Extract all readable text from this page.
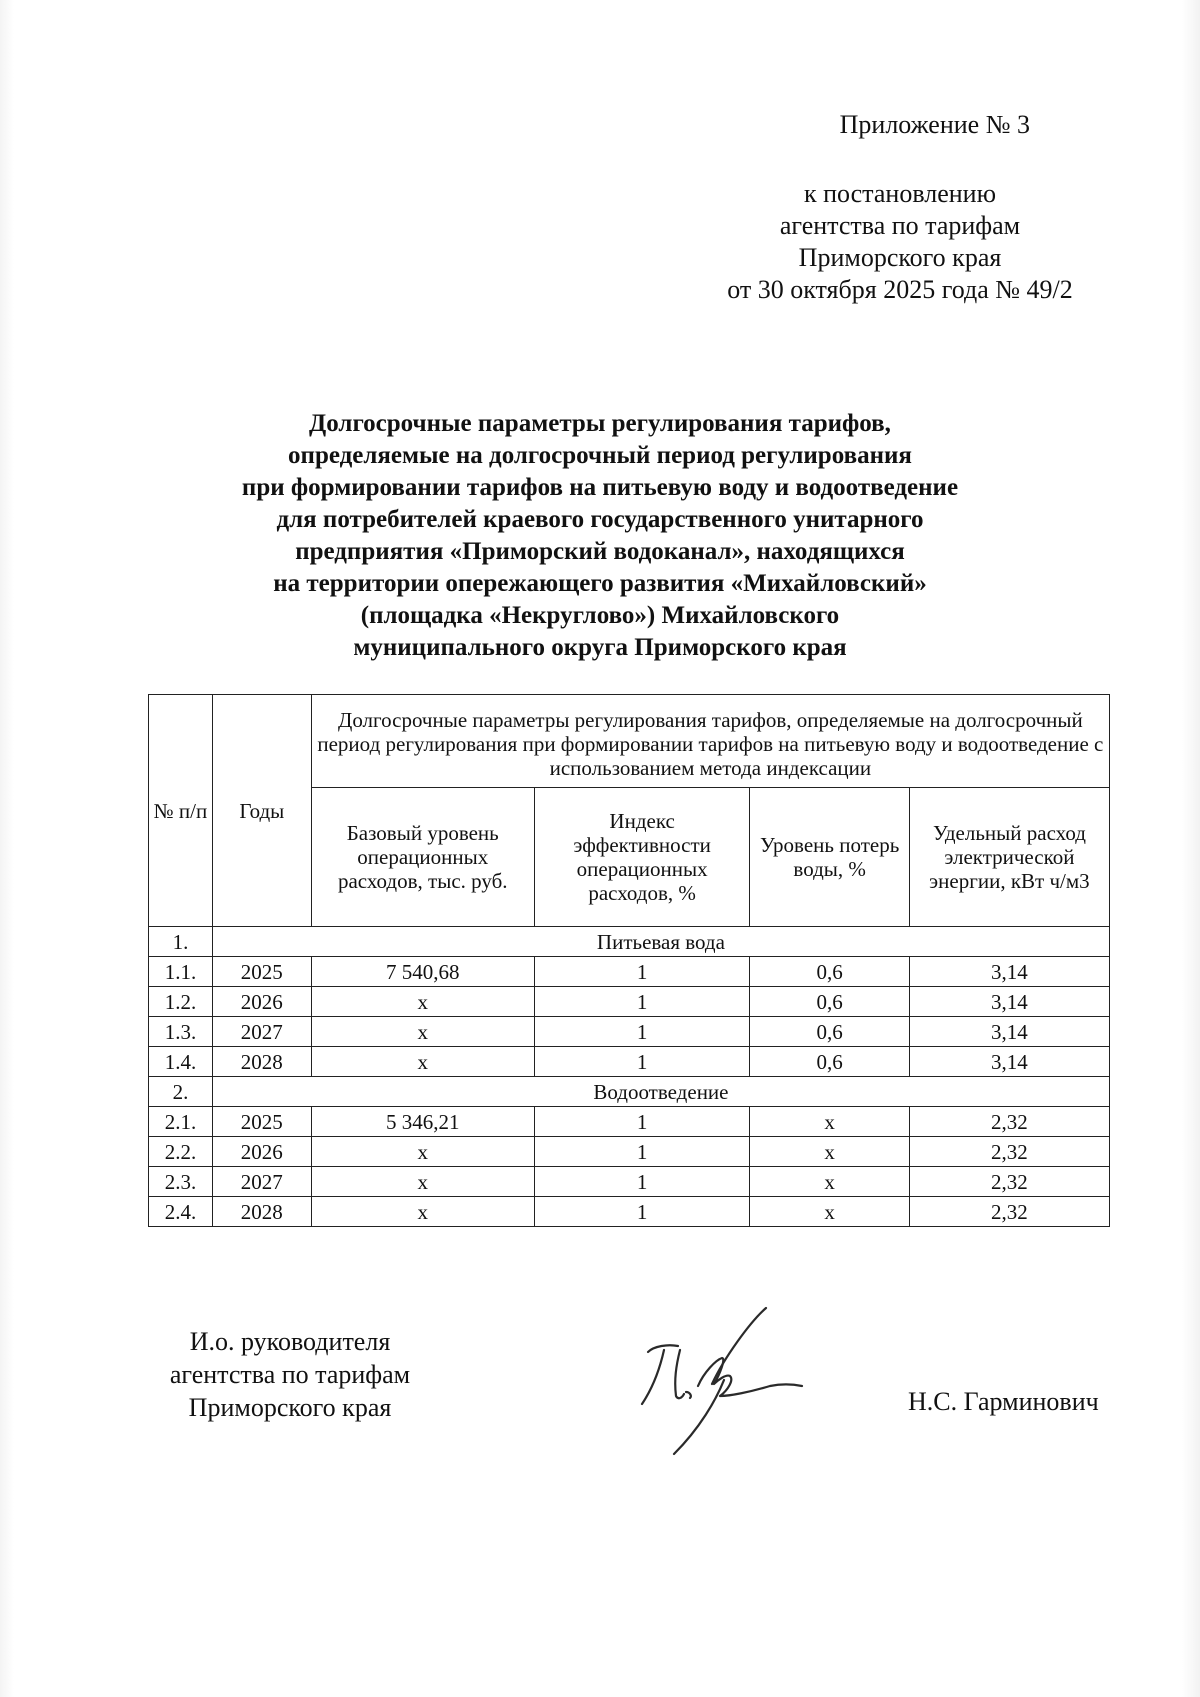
Приложение № 3
к постановлению
агентства по тарифам
Приморского края
от 30 октября 2025 года № 49/2
Долгосрочные параметры регулирования тарифов,
определяемые на долгосрочный период регулирования
при формировании тарифов на питьевую воду и водоотведение
для потребителей краевого государственного унитарного
предприятия «Приморский водоканал», находящихся
на территории опережающего развития «Михайловский»
(площадка «Некруглово») Михайловского
муниципального округа Приморского края
№ п/п	Годы	Долгосрочные параметры регулирования тарифов, определяемые на долгосрочный период регулирования при формировании тарифов на питьевую воду и водоотведение с использованием метода индексации			
		Базовый уровень операционных расходов, тыс. руб.	Индекс эффективности операционных расходов, %	Уровень потерь воды, %	Удельный расход электрической энергии, кВт ч/м3
1.	Питьевая вода				
1.1.	2025	7 540,68	1	0,6	3,14
1.2.	2026	х	1	0,6	3,14
1.3.	2027	х	1	0,6	3,14
1.4.	2028	х	1	0,6	3,14
2.	Водоотведение				
2.1.	2025	5 346,21	1	х	2,32
2.2.	2026	х	1	х	2,32
2.3.	2027	х	1	х	2,32
2.4.	2028	х	1	х	2,32
И.о. руководителя
агентства по тарифам
Приморского края	Н.С. Гарминович
